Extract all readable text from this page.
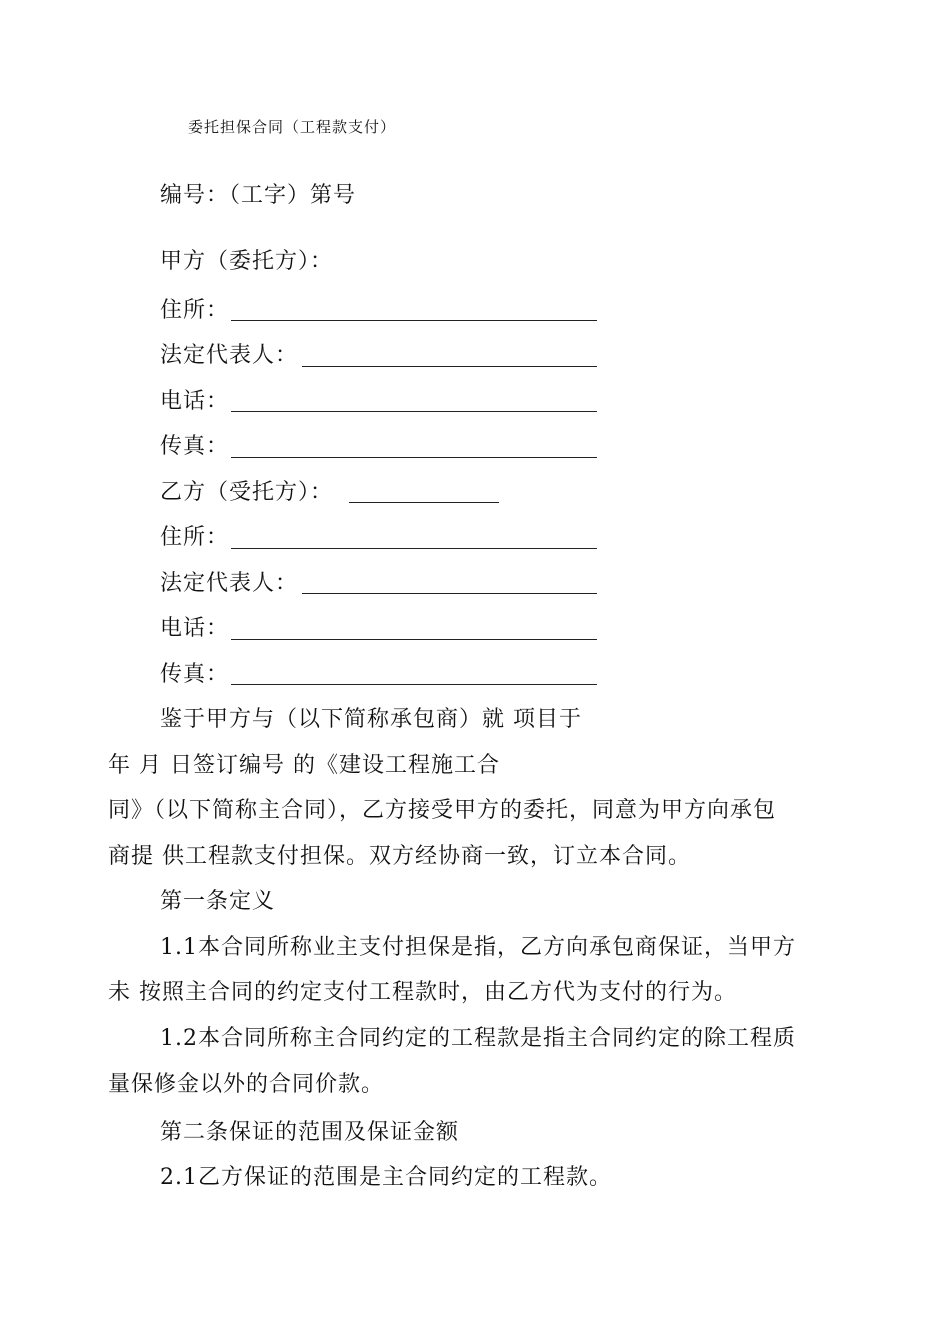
委托担保合同（工程款支付）
编号：（工字）第号
甲方（委托方）：
住所：
法定代表人：
电话：
传真：
乙方（受托方）：
住所：
法定代表人：
电话：
传真：
鉴于甲方与（以下简称承包商）就 项目于
年 月 日签订编号 的《建设工程施工合
同》（以下简称主合同），乙方接受甲方的委托，同意为甲方向承包
商提 供工程款支付担保。双方经协商一致，订立本合同。
第一条定义
1.1本合同所称业主支付担保是指，乙方向承包商保证，当甲方
未 按照主合同的约定支付工程款时，由乙方代为支付的行为。
1.2本合同所称主合同约定的工程款是指主合同约定的除工程质
量保修金以外的合同价款。
第二条保证的范围及保证金额
2.1乙方保证的范围是主合同约定的工程款。
